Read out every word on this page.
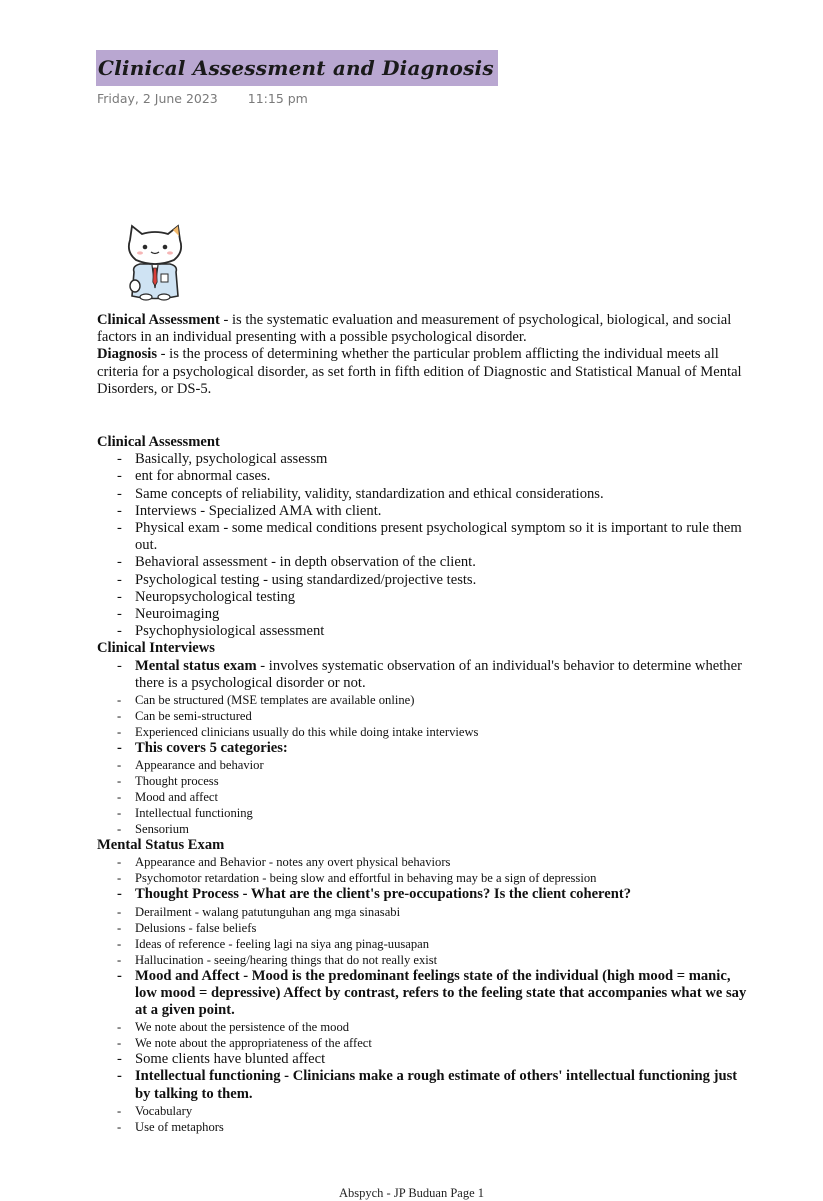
Clinical Assessment and Diagnosis
Friday, 2 June 2023 11:15 pm

Clinical Assessment - is the systematic evaluation and measurement of psychological, biological, and social factors in an individual presenting with a possible psychological disorder.

Diagnosis - is the process of determining whether the particular problem afflicting the individual meets all criteria for a psychological disorder, as set forth in fifth edition of Diagnostic and Statistical Manual of Mental Disorders, or DS-5.

Clinical Assessment

- Basically, psychological assessm
- ent for abnormal cases.
- Same concepts of reliability, validity, standardization and ethical considerations.
- Interviews - Specialized AMA with client.
- Physical exam - some medical conditions present psychological symptom so it is important to rule them out.
- Behavioral assessment - in depth observation of the client.
- Psychological testing - using standardized/projective tests.
- Neuropsychological testing
- Neuroimaging
- Psychophysiological assessment

Clinical Interviews

- Mental status exam - involves systematic observation of an individual's behavior to determine whether there is a psychological disorder or not.
- Can be structured (MSE templates are available online)
- Can be semi-structured
- Experienced clinicians usually do this while doing intake interviews
- This covers 5 categories:
- Appearance and behavior
- Thought process
- Mood and affect
- Intellectual functioning
- Sensorium

Mental Status Exam

- Appearance and Behavior - notes any overt physical behaviors
- Psychomotor retardation - being slow and effortful in behaving may be a sign of depression
- Thought Process - What are the client's pre-occupations? Is the client coherent?
- Derailment - walang patutunguhan ang mga sinasabi
- Delusions - false beliefs
- Ideas of reference - feeling lagi na siya ang pinag-uusapan
- Hallucination - seeing/hearing things that do not really exist
- Mood and Affect - Mood is the predominant feelings state of the individual (high mood = manic, low mood = depressive) Affect by contrast, refers to the feeling state that accompanies what we say at a given point.
- We note about the persistence of the mood
- We note about the appropriateness of the affect
- Some clients have blunted affect
- Intellectual functioning - Clinicians make a rough estimate of others' intellectual functioning just by talking to them.
- Vocabulary
- Use of metaphors
Abspych - JP Buduan Page 1
